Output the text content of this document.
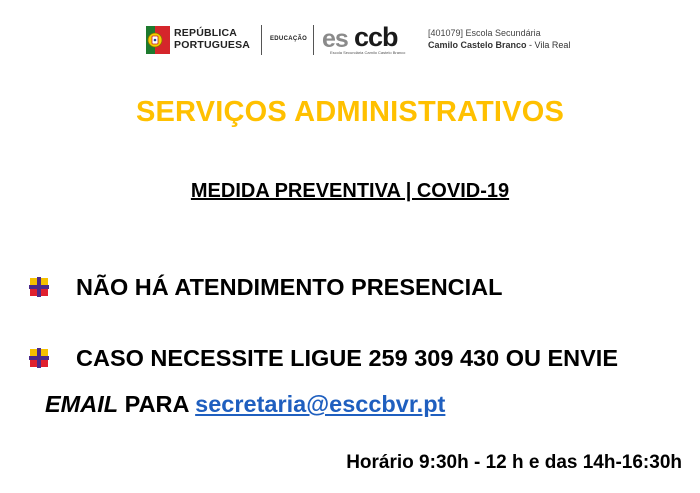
REPÚBLICA
PORTUGUESA	EDUCAÇÃO es ccb
Escola Secundária Camilo Castelo Branco
[401079] Escola Secundária
Camilo Castelo Branco - Vila Real
SERVIÇOS ADMINISTRATIVOS
MEDIDA PREVENTIVA | COVID-19
NÃO HÁ ATENDIMENTO PRESENCIAL
CASO NECESSITE LIGUE 259 309 430 OU ENVIE
EMAIL PARA secretaria@esccbvr.pt
Horário 9:30h - 12 h e das 14h-16:30h
